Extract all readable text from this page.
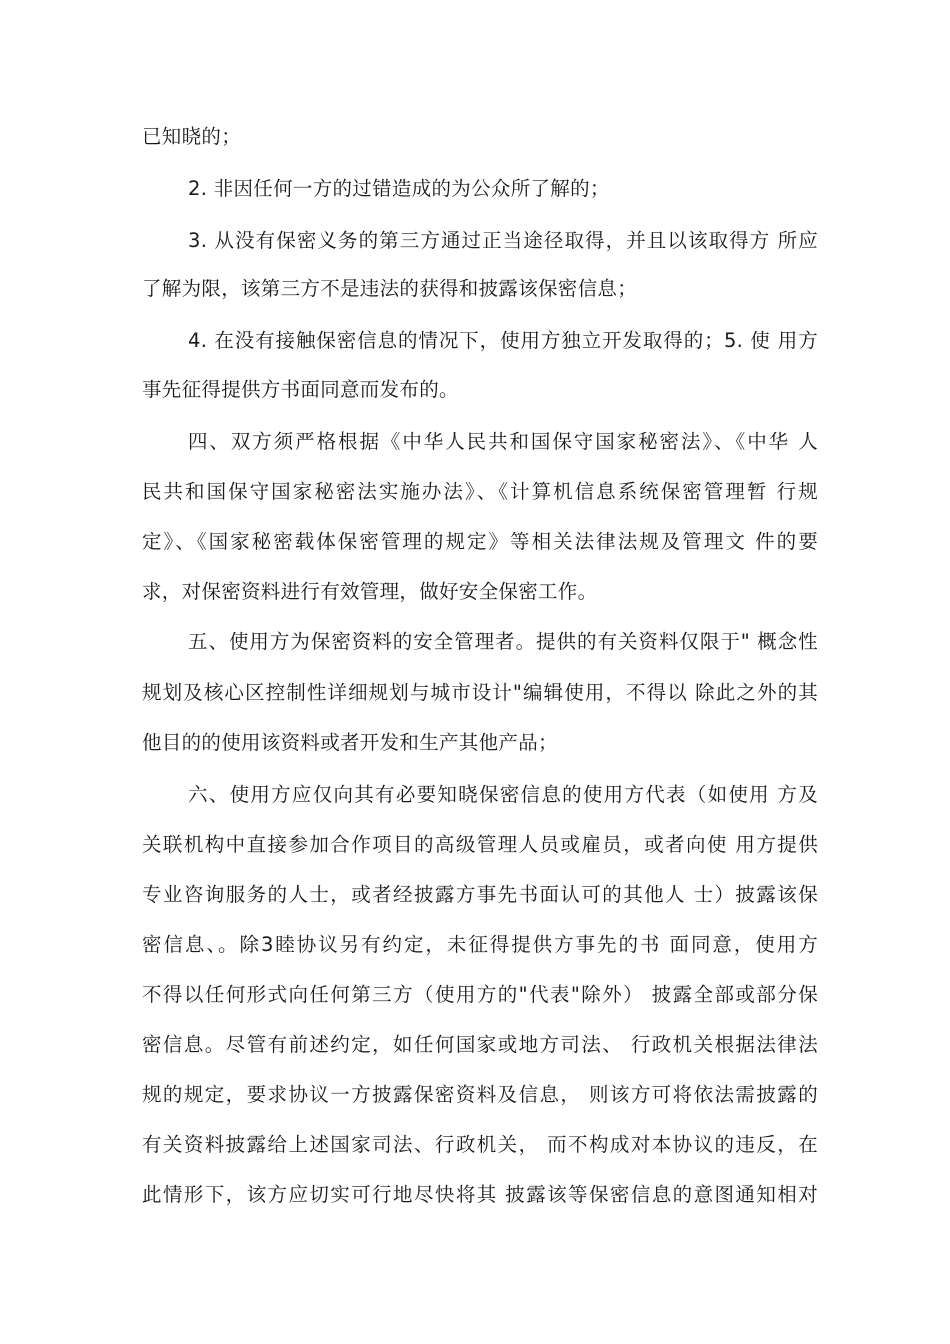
已知晓的；
2. 非因任何一方的过错造成的为公众所了解的；
3. 从没有保密义务的第三方通过正当途径取得，并且以该取得方 所应
了解为限，该第三方不是违法的获得和披露该保密信息；
4. 在没有接触保密信息的情况下，使用方独立开发取得的；5. 使 用方
事先征得提供方书面同意而发布的。
四、双方须严格根据《中华人民共和国保守国家秘密法》、《中华 人
民共和国保守国家秘密法实施办法》、《计算机信息系统保密管理暂 行规
定》、《国家秘密载体保密管理的规定》等相关法律法规及管理文 件的要
求，对保密资料进行有效管理，做好安全保密工作。
五、使用方为保密资料的安全管理者。提供的有关资料仅限于" 概念性
规划及核心区控制性详细规划与城市设计"编辑使用，不得以 除此之外的其
他目的的使用该资料或者开发和生产其他产品；
六、使用方应仅向其有必要知晓保密信息的使用方代表（如使用 方及
关联机构中直接参加合作项目的高级管理人员或雇员，或者向使 用方提供
专业咨询服务的人士，或者经披露方事先书面认可的其他人 士）披露该保
密信息、。除3睦协议另有约定，未征得提供方事先的书 面同意，使用方
不得以任何形式向任何第三方（使用方的"代表"除外） 披露全部或部分保
密信息。尽管有前述约定，如任何国家或地方司法、 行政机关根据法律法
规的规定，要求协议一方披露保密资料及信息， 则该方可将依法需披露的
有关资料披露给上述国家司法、行政机关， 而不构成对本协议的违反，在
此情形下，该方应切实可行地尽快将其 披露该等保密信息的意图通知相对
